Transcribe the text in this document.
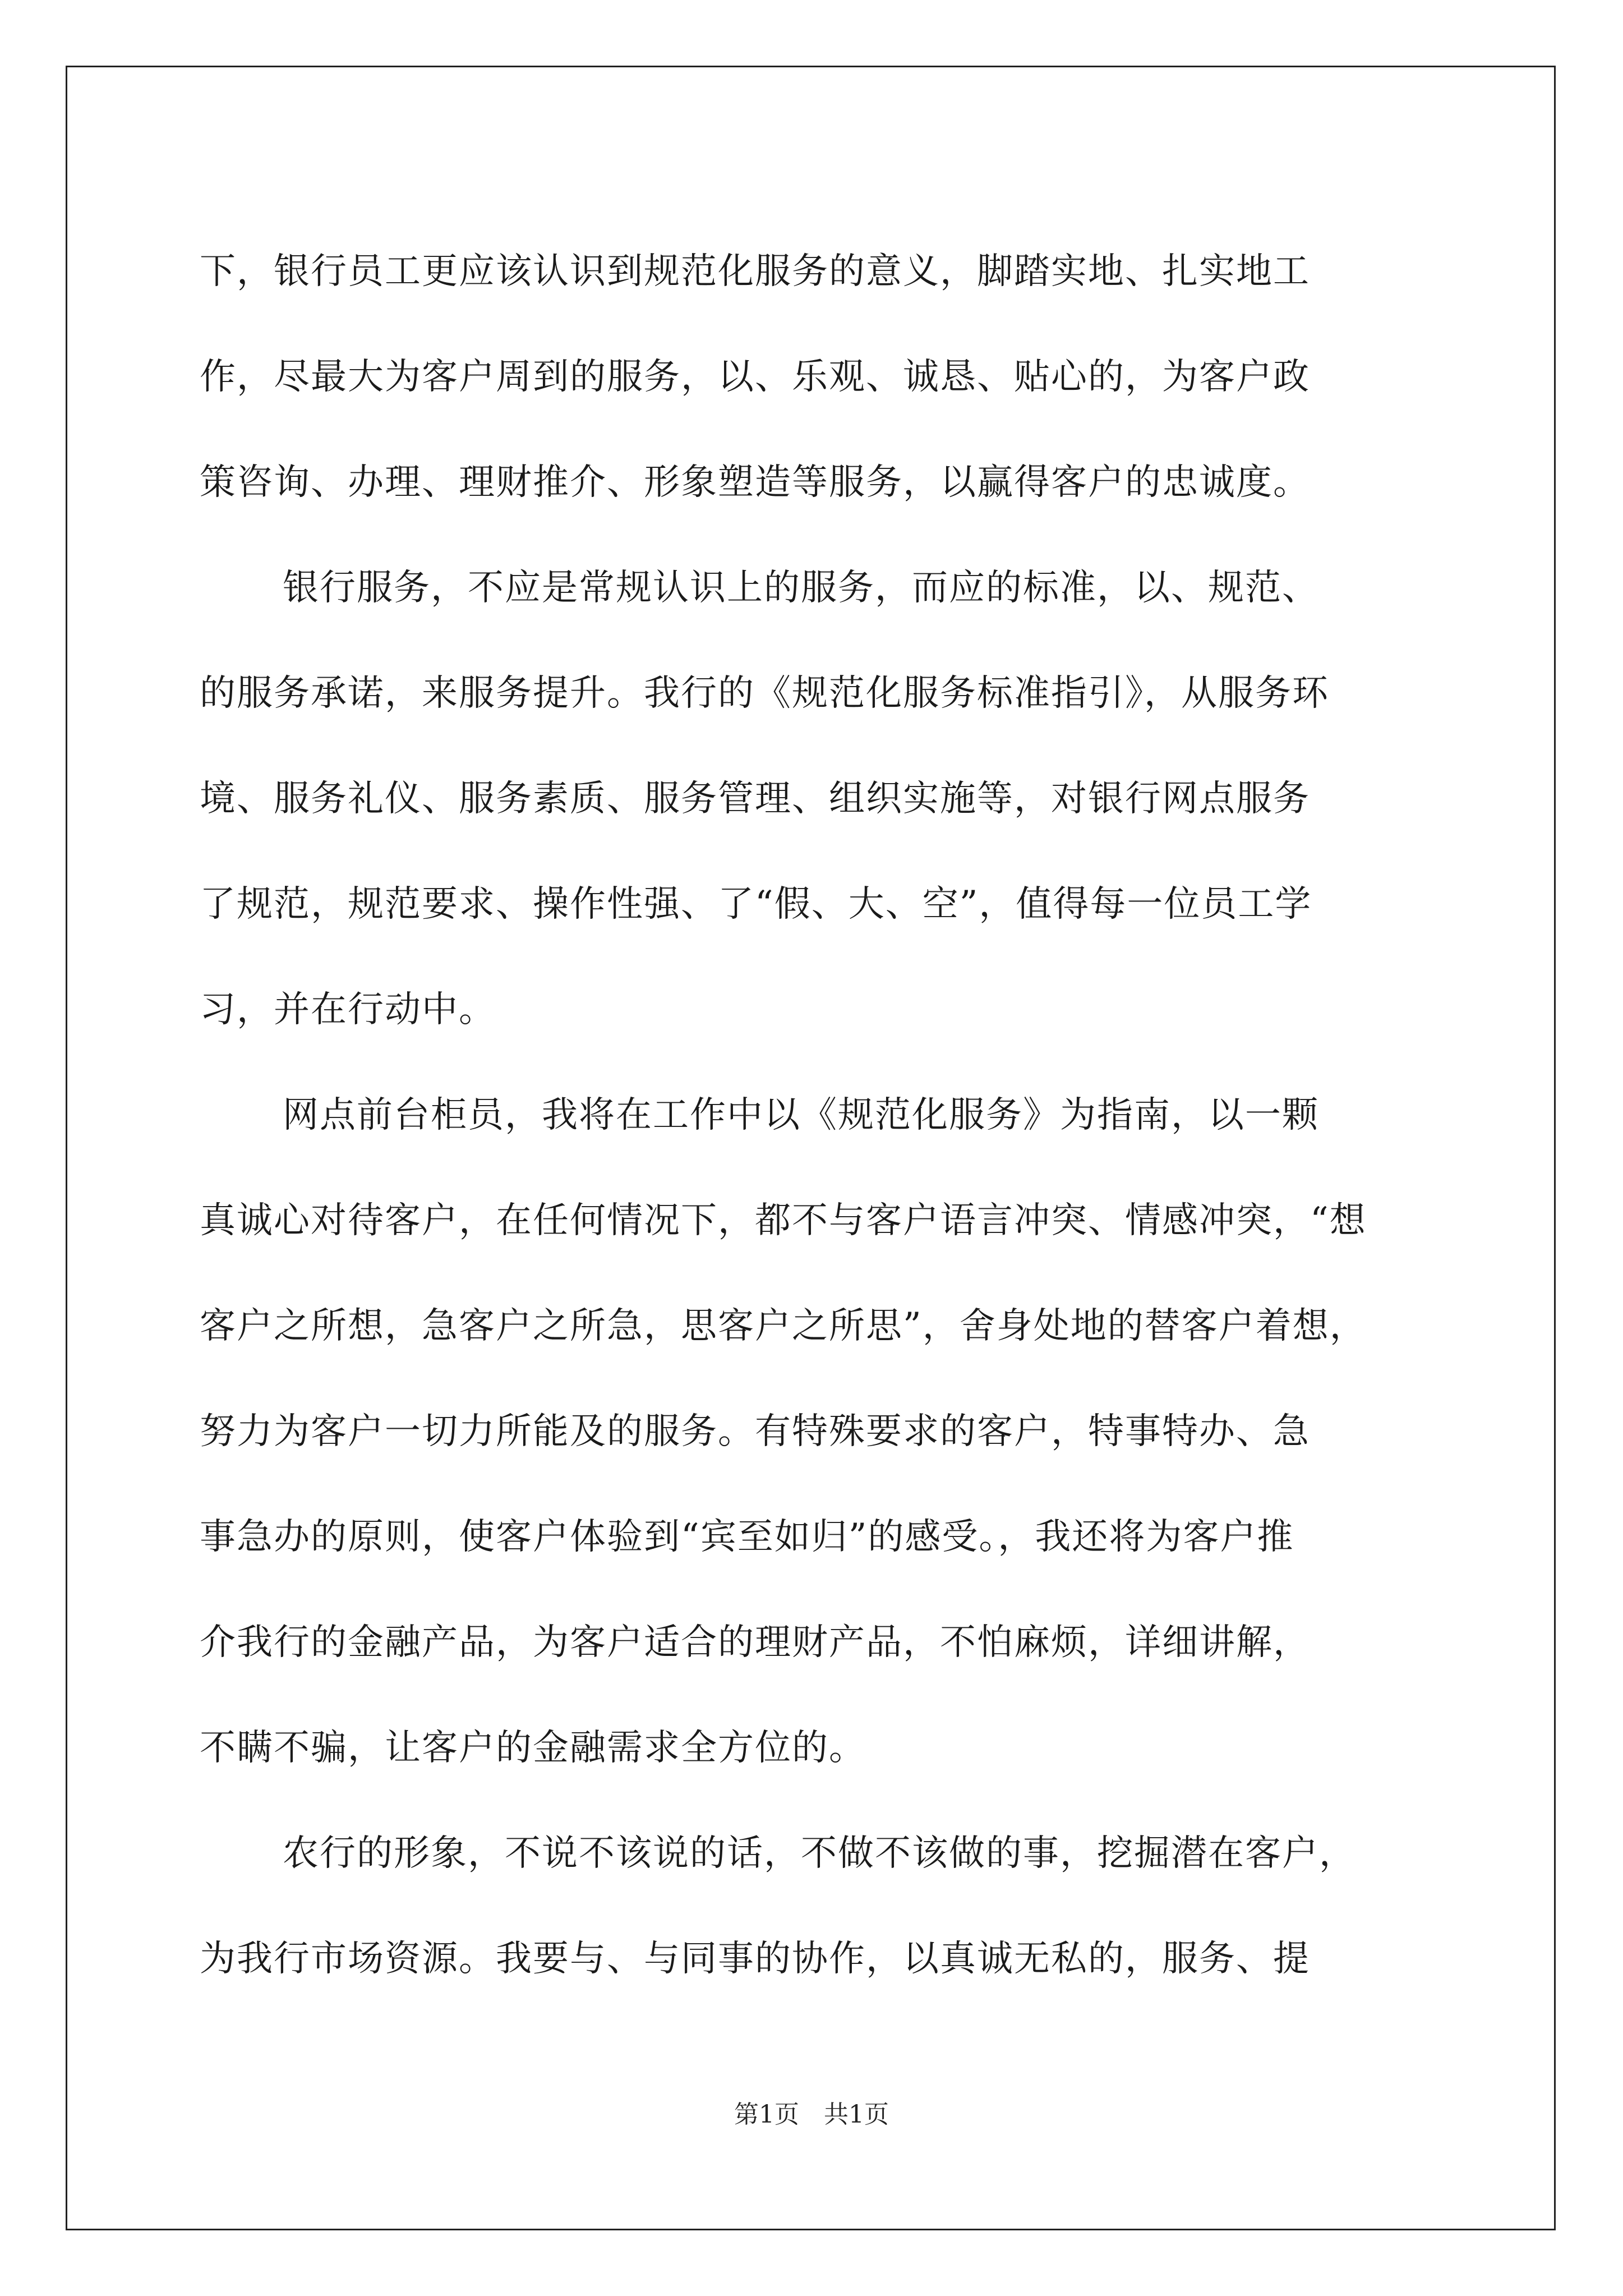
下，银行员工更应该认识到规范化服务的意义，脚踏实地、扎实地工
作，尽最大为客户周到的服务，以、乐观、诚恳、贴心的，为客户政
策咨询、办理、理财推介、形象塑造等服务，以赢得客户的忠诚度。
银行服务，不应是常规认识上的服务，而应的标准，以、规范、
的服务承诺，来服务提升。我行的《规范化服务标准指引》，从服务环
境、服务礼仪、服务素质、服务管理、组织实施等，对银行网点服务
了规范，规范要求、操作性强、了“假、大、空”，值得每一位员工学
习，并在行动中。
网点前台柜员，我将在工作中以《规范化服务》为指南，以一颗
真诚心对待客户，在任何情况下，都不与客户语言冲突、情感冲突，“想
客户之所想，急客户之所急，思客户之所思”，舍身处地的替客户着想，
努力为客户一切力所能及的服务。有特殊要求的客户，特事特办、急
事急办的原则，使客户体验到“宾至如归”的感受。，我还将为客户推
介我行的金融产品，为客户适合的理财产品，不怕麻烦，详细讲解，
不瞒不骗，让客户的金融需求全方位的。
农行的形象，不说不该说的话，不做不该做的事，挖掘潜在客户，
为我行市场资源。我要与、与同事的协作，以真诚无私的，服务、提
第1页　共1页
